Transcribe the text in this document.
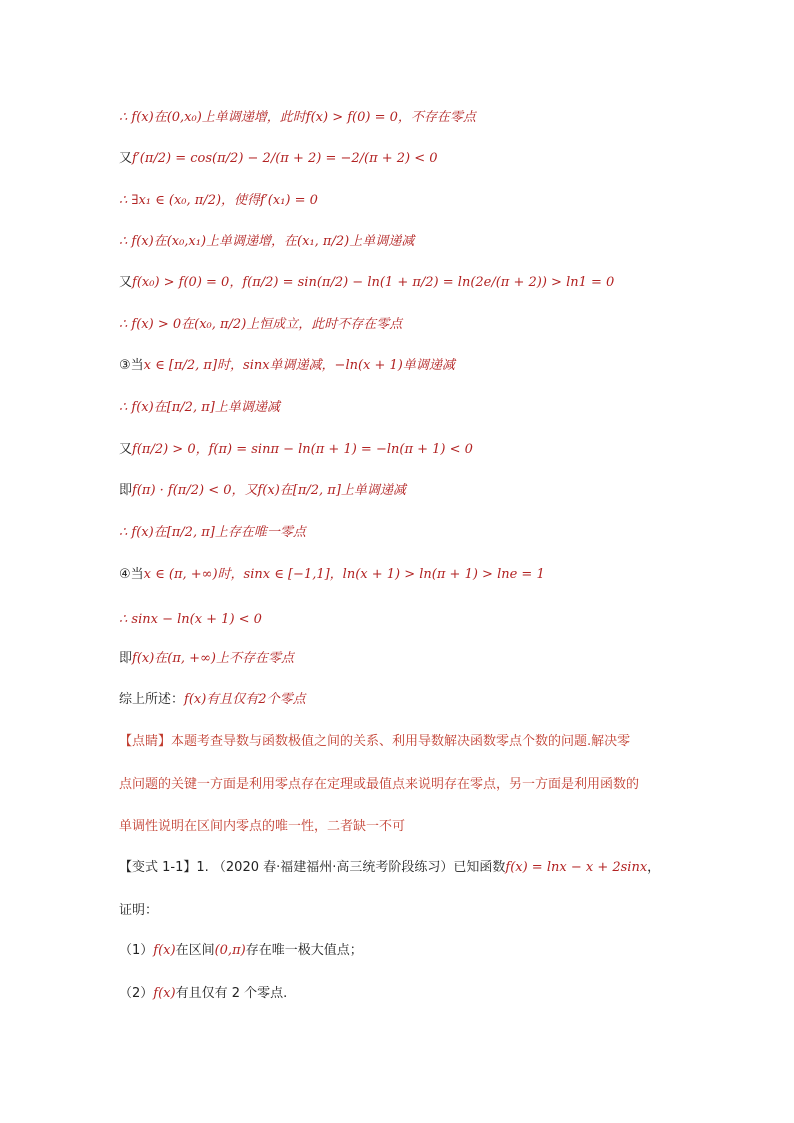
∴ f(x)在(0,x₀)上单调递增，此时f(x) > f(0) = 0，不存在零点
又f′(π/2) = cos(π/2) − 2/(π + 2) = −2/(π + 2) < 0
∴ ∃x₁ ∈ (x₀, π/2)，使得f′(x₁) = 0
∴ f(x)在(x₀,x₁)上单调递增，在(x₁, π/2)上单调递减
又f(x₀) > f(0) = 0，f(π/2) = sin(π/2) − ln(1 + π/2) = ln(2e/(π + 2)) > ln1 = 0
∴ f(x) > 0在(x₀, π/2)上恒成立，此时不存在零点
③当x ∈ [π/2, π]时，sinx单调递减，−ln(x + 1)单调递减
∴ f(x)在[π/2, π]上单调递减
又f(π/2) > 0，f(π) = sinπ − ln(π + 1) = −ln(π + 1) < 0
即f(π) · f(π/2) < 0，又f(x)在[π/2, π]上单调递减
∴ f(x)在[π/2, π]上存在唯一零点
④当x ∈ (π, +∞)时，sinx ∈ [−1,1]，ln(x + 1) > ln(π + 1) > lne = 1
∴ sinx − ln(x + 1) < 0
即f(x)在(π, +∞)上不存在零点
综上所述：f(x)有且仅有2个零点
【点睛】本题考查导数与函数极值之间的关系、利用导数解决函数零点个数的问题.解决零
点问题的关键一方面是利用零点存在定理或最值点来说明存在零点，另一方面是利用函数的
单调性说明在区间内零点的唯一性，二者缺一不可
【变式 1-1】1. （2020 春·福建福州·高三统考阶段练习）已知函数f(x) = lnx − x + 2sinx，
证明：
（1）f(x)在区间(0,π)存在唯一极大值点；
（2）f(x)有且仅有 2 个零点.
